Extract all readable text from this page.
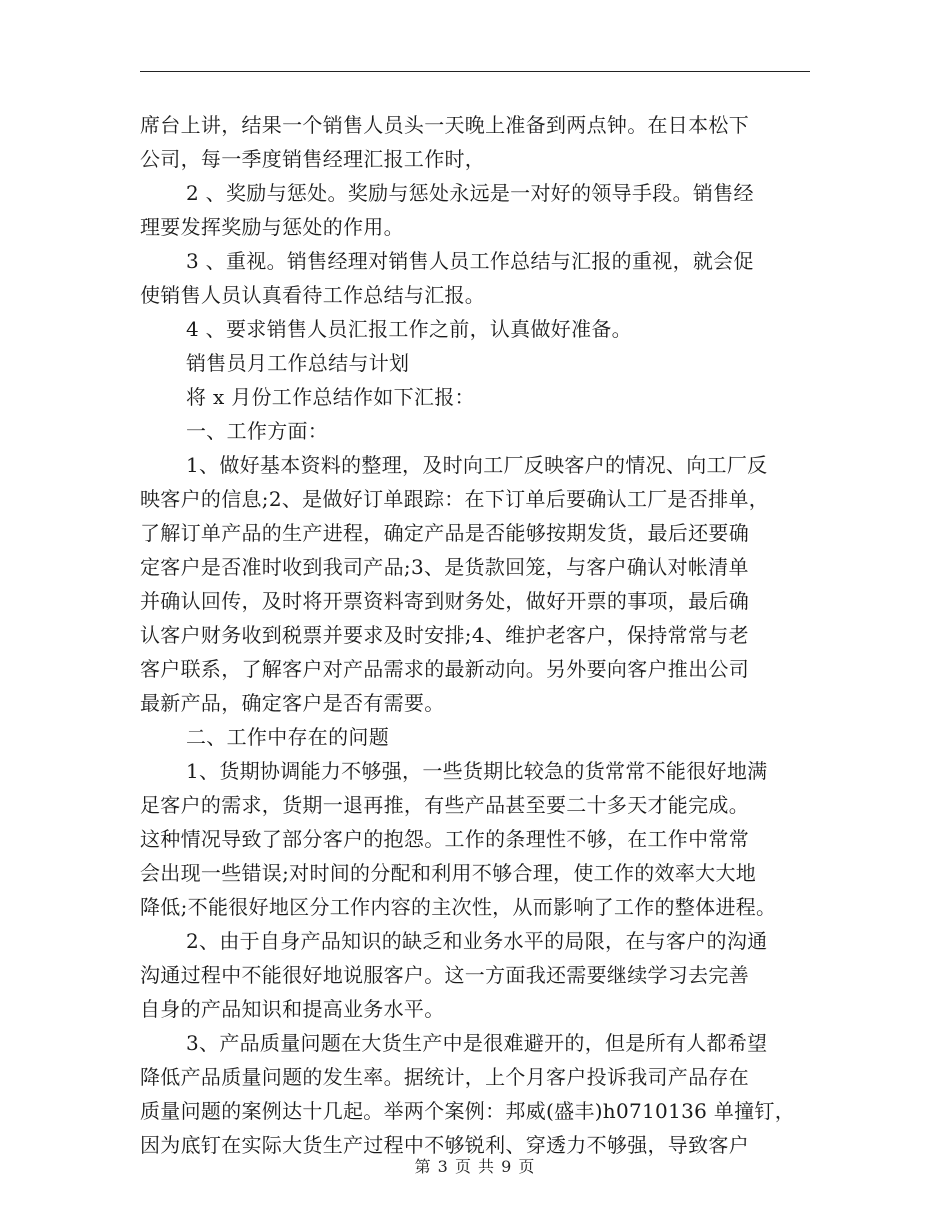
席台上讲，结果一个销售人员头一天晚上准备到两点钟。在日本松下
公司，每一季度销售经理汇报工作时，
2 、奖励与惩处。奖励与惩处永远是一对好的领导手段。销售经
理要发挥奖励与惩处的作用。
3 、重视。销售经理对销售人员工作总结与汇报的重视，就会促
使销售人员认真看待工作总结与汇报。
4 、要求销售人员汇报工作之前，认真做好准备。
销售员月工作总结与计划
将 x 月份工作总结作如下汇报：
一、工作方面：
1、做好基本资料的整理，及时向工厂反映客户的情况、向工厂反
映客户的信息;2、是做好订单跟踪：在下订单后要确认工厂是否排单，
了解订单产品的生产进程，确定产品是否能够按期发货，最后还要确
定客户是否准时收到我司产品;3、是货款回笼，与客户确认对帐清单
并确认回传，及时将开票资料寄到财务处，做好开票的事项，最后确
认客户财务收到税票并要求及时安排;4、维护老客户，保持常常与老
客户联系，了解客户对产品需求的最新动向。另外要向客户推出公司
最新产品，确定客户是否有需要。
二、工作中存在的问题
1、货期协调能力不够强，一些货期比较急的货常常不能很好地满
足客户的需求，货期一退再推，有些产品甚至要二十多天才能完成。
这种情况导致了部分客户的抱怨。工作的条理性不够，在工作中常常
会出现一些错误;对时间的分配和利用不够合理，使工作的效率大大地
降低;不能很好地区分工作内容的主次性，从而影响了工作的整体进程。
2、由于自身产品知识的缺乏和业务水平的局限，在与客户的沟通
沟通过程中不能很好地说服客户。这一方面我还需要继续学习去完善
自身的产品知识和提高业务水平。
3、产品质量问题在大货生产中是很难避开的，但是所有人都希望
降低产品质量问题的发生率。据统计，上个月客户投诉我司产品存在
质量问题的案例达十几起。举两个案例：邦威(盛丰)h0710136 单撞钉，
因为底钉在实际大货生产过程中不够锐利、穿透力不够强，导致客户
第 3 页 共 9 页
